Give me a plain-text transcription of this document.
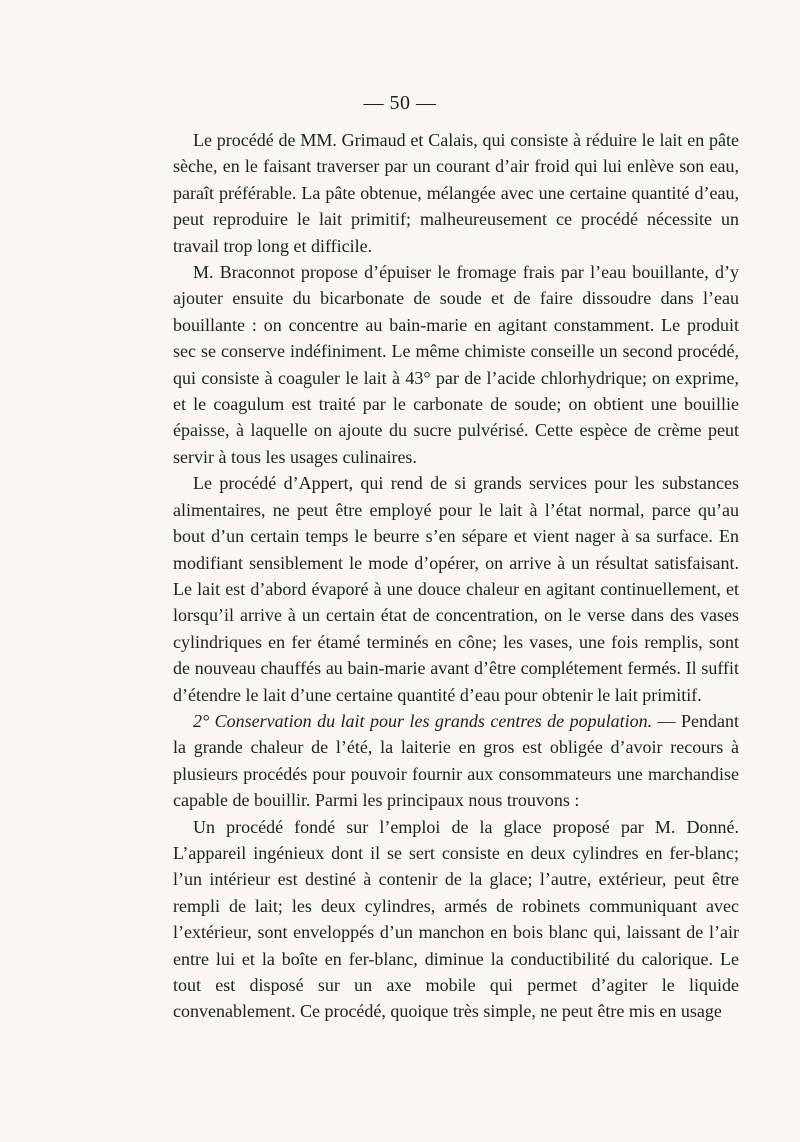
— 50 —

Le procédé de MM. Grimaud et Calais, qui consiste à réduire le lait en pâte sèche, en le faisant traverser par un courant d’air froid qui lui enlève son eau, paraît préférable. La pâte obtenue, mélangée avec une certaine quantité d’eau, peut reproduire le lait primitif; malheureusement ce procédé nécessite un travail trop long et difficile.

M. Braconnot propose d’épuiser le fromage frais par l’eau bouillante, d’y ajouter ensuite du bicarbonate de soude et de faire dissoudre dans l’eau bouillante : on concentre au bain-marie en agitant constamment. Le produit sec se conserve indéfiniment. Le même chimiste conseille un second procédé, qui consiste à coaguler le lait à 43° par de l’acide chlorhydrique; on exprime, et le coagulum est traité par le carbonate de soude; on obtient une bouillie épaisse, à laquelle on ajoute du sucre pulvérisé. Cette espèce de crème peut servir à tous les usages culinaires.

Le procédé d’Appert, qui rend de si grands services pour les substances alimentaires, ne peut être employé pour le lait à l’état normal, parce qu’au bout d’un certain temps le beurre s’en sépare et vient nager à sa surface. En modifiant sensiblement le mode d’opérer, on arrive à un résultat satisfaisant. Le lait est d’abord évaporé à une douce chaleur en agitant continuellement, et lorsqu’il arrive à un certain état de concentration, on le verse dans des vases cylindriques en fer étamé terminés en cône; les vases, une fois remplis, sont de nouveau chauffés au bain-marie avant d’être complétement fermés. Il suffit d’étendre le lait d’une certaine quantité d’eau pour obtenir le lait primitif.

2° Conservation du lait pour les grands centres de population. — Pendant la grande chaleur de l’été, la laiterie en gros est obligée d’avoir recours à plusieurs procédés pour pouvoir fournir aux consommateurs une marchandise capable de bouillir. Parmi les principaux nous trouvons :

Un procédé fondé sur l’emploi de la glace proposé par M. Donné. L’appareil ingénieux dont il se sert consiste en deux cylindres en fer-blanc; l’un intérieur est destiné à contenir de la glace; l’autre, extérieur, peut être rempli de lait; les deux cylindres, armés de robinets communiquant avec l’extérieur, sont enveloppés d’un manchon en bois blanc qui, laissant de l’air entre lui et la boîte en fer-blanc, diminue la conductibilité du calorique. Le tout est disposé sur un axe mobile qui permet d’agiter le liquide convenablement. Ce procédé, quoique très simple, ne peut être mis en usage
